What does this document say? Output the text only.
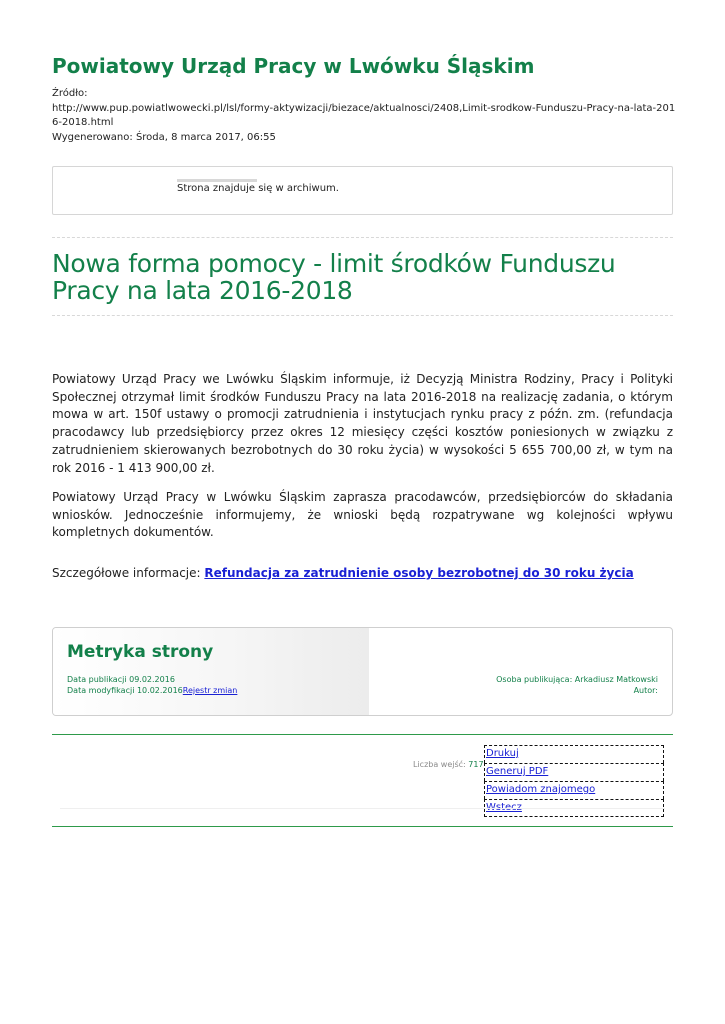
Powiatowy Urząd Pracy w Lwówku Śląskim
Źródło:
http://www.pup.powiatlwowecki.pl/lsl/formy-aktywizacji/biezace/aktualnosci/2408,Limit-srodkow-Funduszu-Pracy-na-lata-2016-2018.html
Wygenerowano: Środa, 8 marca 2017, 06:55
Strona znajduje się w archiwum.
Nowa forma pomocy - limit środków Funduszu Pracy na lata 2016-2018

Powiatowy Urząd Pracy we Lwówku Śląskim informuje, iż Decyzją Ministra Rodziny, Pracy i Polityki Społecznej otrzymał limit środków Funduszu Pracy na lata 2016-2018 na realizację zadania, o którym mowa w art. 150f ustawy o promocji zatrudnienia i instytucjach rynku pracy z późn. zm. (refundacja pracodawcy lub przedsiębiorcy przez okres 12 miesięcy części kosztów poniesionych w związku z zatrudnieniem skierowanych bezrobotnych do 30 roku życia) w wysokości 5 655 700,00 zł, w tym na rok 2016 - 1 413 900,00 zł.

Powiatowy Urząd Pracy w Lwówku Śląskim zaprasza pracodawców, przedsiębiorców do składania wniosków. Jednocześnie informujemy, że wnioski będą rozpatrywane wg kolejności wpływu kompletnych dokumentów.

Szczegółowe informacje: Refundacja za zatrudnienie osoby bezrobotnej do 30 roku życia
Metryka strony
Data publikacji 09.02.2016
Data modyfikacji 10.02.2016Rejestr zmian
Osoba publikująca: Arkadiusz Matkowski
Autor:
Liczba wejść: 717
Drukuj
Generuj PDF
Powiadom znajomego
Wstecz
